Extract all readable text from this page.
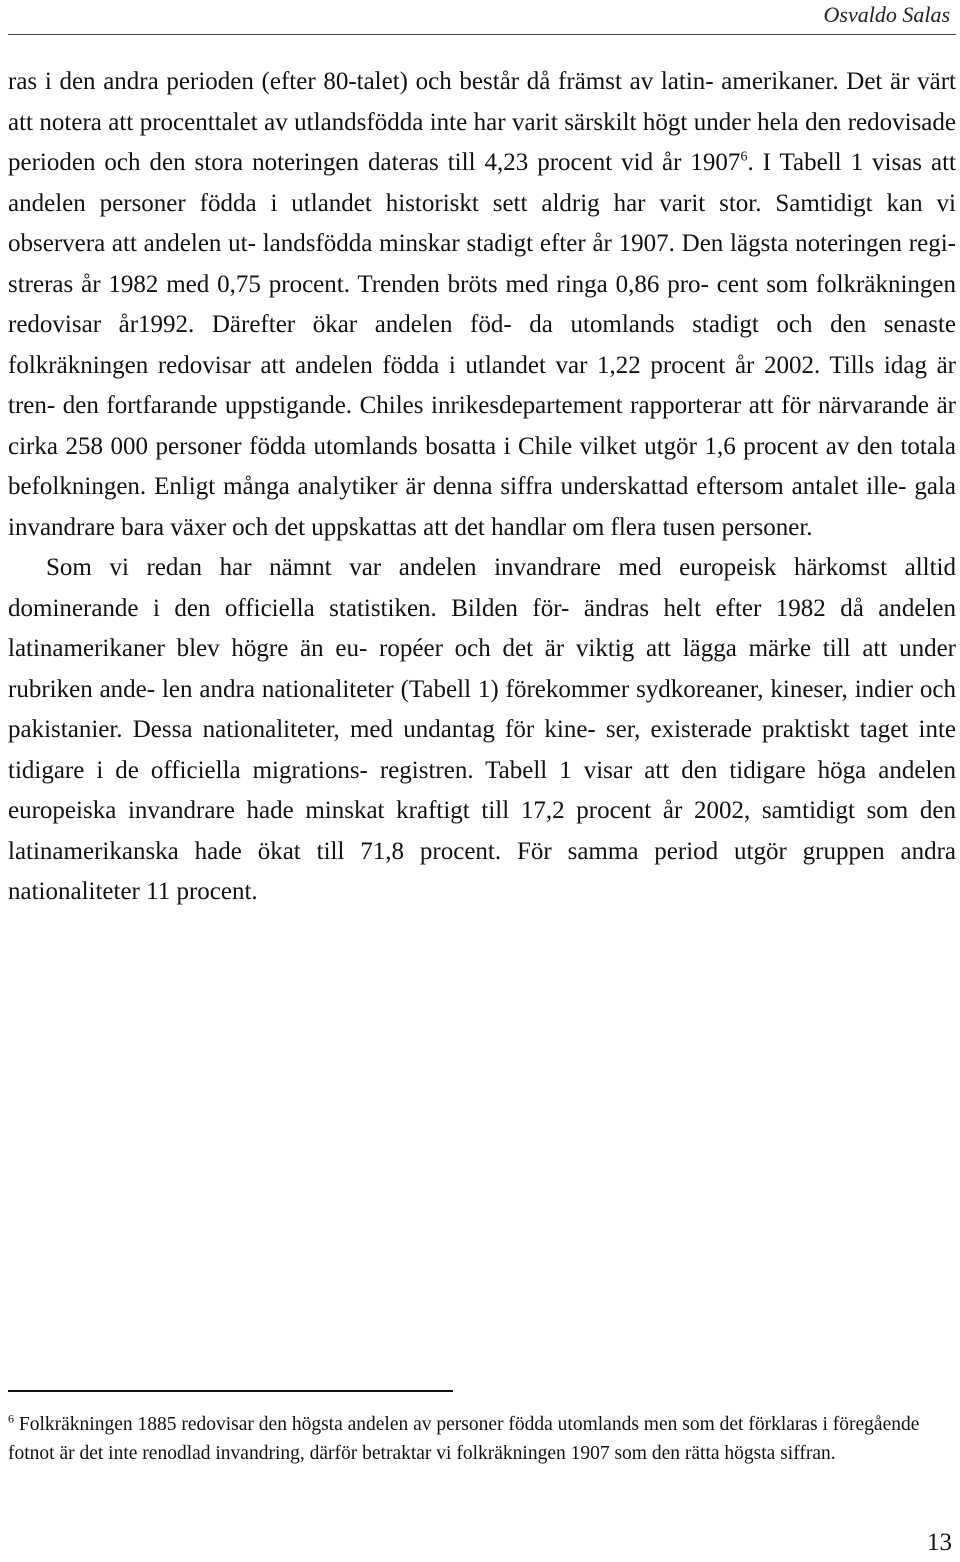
Osvaldo Salas

ras i den andra perioden (efter 80-talet) och består då främst av latin- amerikaner. Det är värt att notera att procenttalet av utlandsfödda inte har varit särskilt högt under hela den redovisade perioden och den stora noteringen dateras till 4,23 procent vid år 1907$^6$. I Tabell 1 visas att andelen personer födda i utlandet historiskt sett aldrig har varit stor. Samtidigt kan vi observera att andelen ut- landsfödda minskar stadigt efter år 1907. Den lägsta noteringen regi- streras år 1982 med 0,75 procent. Trenden bröts med ringa 0,86 pro- cent som folkräkningen redovisar år1992. Därefter ökar andelen föd- da utomlands stadigt och den senaste folkräkningen redovisar att andelen födda i utlandet var 1,22 procent år 2002. Tills idag är tren- den fortfarande uppstigande. Chiles inrikesdepartement rapporterar att för närvarande är cirka 258 000 personer födda utomlands bosatta i Chile vilket utgör 1,6 procent av den totala befolkningen. Enligt många analytiker är denna siffra underskattad eftersom antalet ille- gala invandrare bara växer och det uppskattas att det handlar om flera tusen personer.

Som vi redan har nämnt var andelen invandrare med europeisk härkomst alltid dominerande i den officiella statistiken. Bilden för- ändras helt efter 1982 då andelen latinamerikaner blev högre än eu- ropéer och det är viktig att lägga märke till att under rubriken ande- len andra nationaliteter (Tabell 1) förekommer sydkoreaner, kineser, indier och pakistanier. Dessa nationaliteter, med undantag för kine- ser, existerade praktiskt taget inte tidigare i de officiella migrations- registren. Tabell 1 visar att den tidigare höga andelen europeiska invandrare hade minskat kraftigt till 17,2 procent år 2002, samtidigt som den latinamerikanska hade ökat till 71,8 procent. För samma period utgör gruppen andra nationaliteter 11 procent.

$^6$ Folkräkningen 1885 redovisar den högsta andelen av personer födda utomlands men som det förklaras i föregående fotnot är det inte renodlad invandring, därför betraktar vi folkräkningen 1907 som den rätta högsta siffran.
13
